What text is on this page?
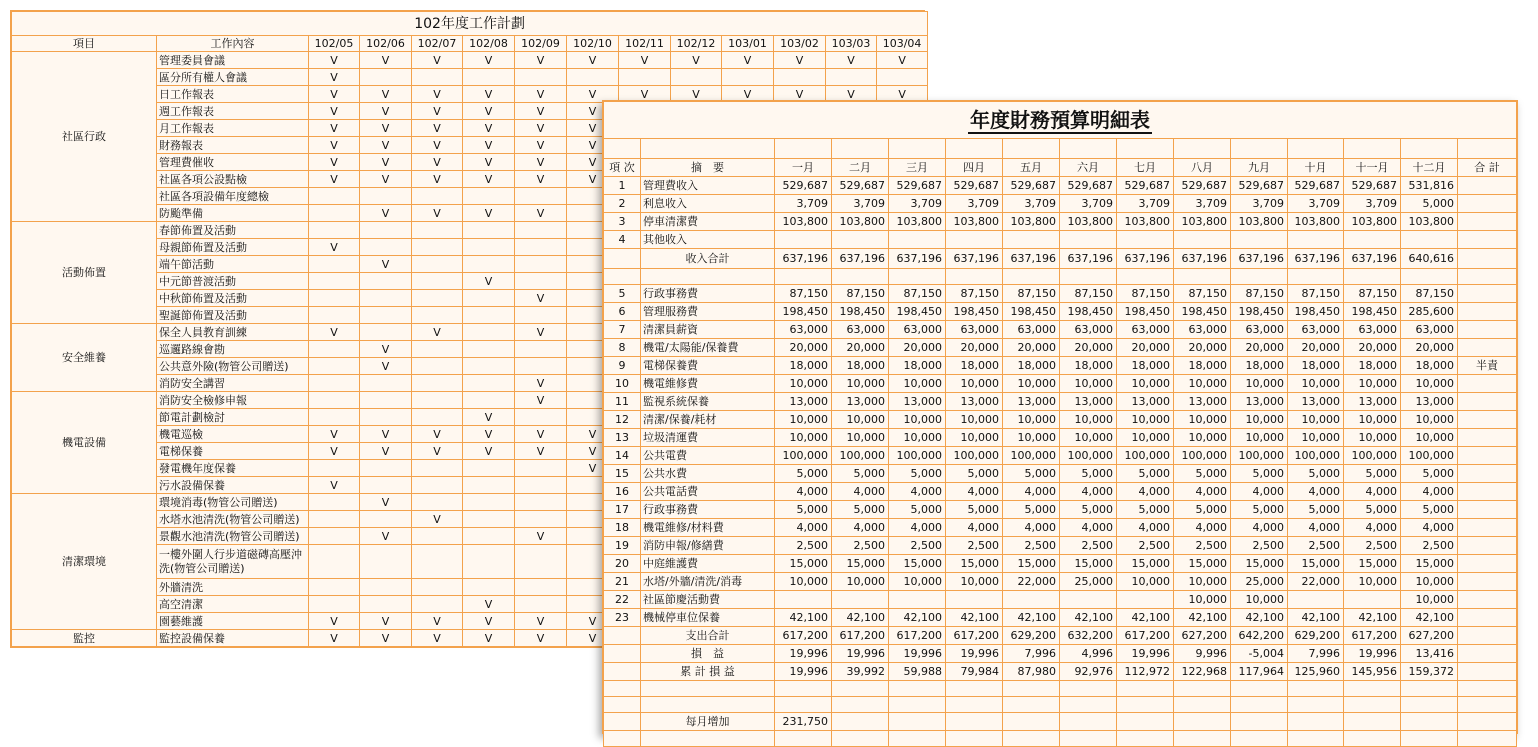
102年度工作計劃													
項目	工作內容	102/05	102/06	102/07	102/08	102/09	102/10	102/11	102/12	103/01	103/02	103/03	103/04
社區行政	管理委員會議	V	V	V	V	V	V	V	V	V	V	V	V
	區分所有權人會議	V											
	日工作報表	V	V	V	V	V	V	V	V	V	V	V	V
	週工作報表	V	V	V	V	V	V						
	月工作報表	V	V	V	V	V	V						
	財務報表	V	V	V	V	V	V						
	管理費催收	V	V	V	V	V	V						
	社區各項公設點檢	V	V	V	V	V	V						
	社區各項設備年度總檢												
	防颱準備		V	V	V	V							
活動佈置	春節佈置及活動												
	母親節佈置及活動	V											
	端午節活動		V										
	中元節普渡活動				V								
	中秋節佈置及活動					V							
	聖誕節佈置及活動												
安全維養	保全人員教育訓練	V		V		V							
	巡邏路線會勘		V										
	公共意外險(物管公司贈送)		V										
	消防安全講習					V							
機電設備	消防安全檢修申報					V							
	節電計劃檢討				V								
	機電巡檢	V	V	V	V	V	V						
	電梯保養	V	V	V	V	V	V						
	發電機年度保養						V						
	污水設備保養	V											
清潔環境	環境消毒(物管公司贈送)		V										
	水塔水池清洗(物管公司贈送)			V									
	景觀水池清洗(物管公司贈送)		V			V							
	一樓外圍人行步道磁磚高壓沖洗(物管公司贈送)												
	外牆清洗												
	高空清潔				V								
	園藝維護	V	V	V	V	V	V						
監控	監控設備保養	V	V	V	V	V	V						
年度財務預算明細表														

項 次	摘　要	一月	二月	三月	四月	五月	六月	七月	八月	九月	十月	十一月	十二月	合 計
1	管理費收入	529,687	529,687	529,687	529,687	529,687	529,687	529,687	529,687	529,687	529,687	529,687	531,816	
2	利息收入	3,709	3,709	3,709	3,709	3,709	3,709	3,709	3,709	3,709	3,709	3,709	5,000	
3	停車清潔費	103,800	103,800	103,800	103,800	103,800	103,800	103,800	103,800	103,800	103,800	103,800	103,800	
4	其他收入													
	收入合計	637,196	637,196	637,196	637,196	637,196	637,196	637,196	637,196	637,196	637,196	637,196	640,616	

5	行政事務費	87,150	87,150	87,150	87,150	87,150	87,150	87,150	87,150	87,150	87,150	87,150	87,150	
6	管理服務費	198,450	198,450	198,450	198,450	198,450	198,450	198,450	198,450	198,450	198,450	198,450	285,600	
7	清潔員薪資	63,000	63,000	63,000	63,000	63,000	63,000	63,000	63,000	63,000	63,000	63,000	63,000	
8	機電/太陽能/保養費	20,000	20,000	20,000	20,000	20,000	20,000	20,000	20,000	20,000	20,000	20,000	20,000	
9	電梯保養費	18,000	18,000	18,000	18,000	18,000	18,000	18,000	18,000	18,000	18,000	18,000	18,000	半責
10	機電維修費	10,000	10,000	10,000	10,000	10,000	10,000	10,000	10,000	10,000	10,000	10,000	10,000	
11	監視系統保養	13,000	13,000	13,000	13,000	13,000	13,000	13,000	13,000	13,000	13,000	13,000	13,000	
12	清潔/保養/耗材	10,000	10,000	10,000	10,000	10,000	10,000	10,000	10,000	10,000	10,000	10,000	10,000	
13	垃圾清運費	10,000	10,000	10,000	10,000	10,000	10,000	10,000	10,000	10,000	10,000	10,000	10,000	
14	公共電費	100,000	100,000	100,000	100,000	100,000	100,000	100,000	100,000	100,000	100,000	100,000	100,000	
15	公共水費	5,000	5,000	5,000	5,000	5,000	5,000	5,000	5,000	5,000	5,000	5,000	5,000	
16	公共電話費	4,000	4,000	4,000	4,000	4,000	4,000	4,000	4,000	4,000	4,000	4,000	4,000	
17	行政事務費	5,000	5,000	5,000	5,000	5,000	5,000	5,000	5,000	5,000	5,000	5,000	5,000	
18	機電維修/材料費	4,000	4,000	4,000	4,000	4,000	4,000	4,000	4,000	4,000	4,000	4,000	4,000	
19	消防申報/修繕費	2,500	2,500	2,500	2,500	2,500	2,500	2,500	2,500	2,500	2,500	2,500	2,500	
20	中庭維護費	15,000	15,000	15,000	15,000	15,000	15,000	15,000	15,000	15,000	15,000	15,000	15,000	
21	水塔/外牆/清洗/消毒	10,000	10,000	10,000	10,000	22,000	25,000	10,000	10,000	25,000	22,000	10,000	10,000	
22	社區節慶活動費								10,000	10,000			10,000	
23	機械停車位保養	42,100	42,100	42,100	42,100	42,100	42,100	42,100	42,100	42,100	42,100	42,100	42,100	
	支出合計	617,200	617,200	617,200	617,200	629,200	632,200	617,200	627,200	642,200	629,200	617,200	627,200	
	損　益	19,996	19,996	19,996	19,996	7,996	4,996	19,996	9,996	-5,004	7,996	19,996	13,416	
	累 計 損 益	19,996	39,992	59,988	79,984	87,980	92,976	112,972	122,968	117,964	125,960	145,956	159,372	

	每月增加	231,750												
